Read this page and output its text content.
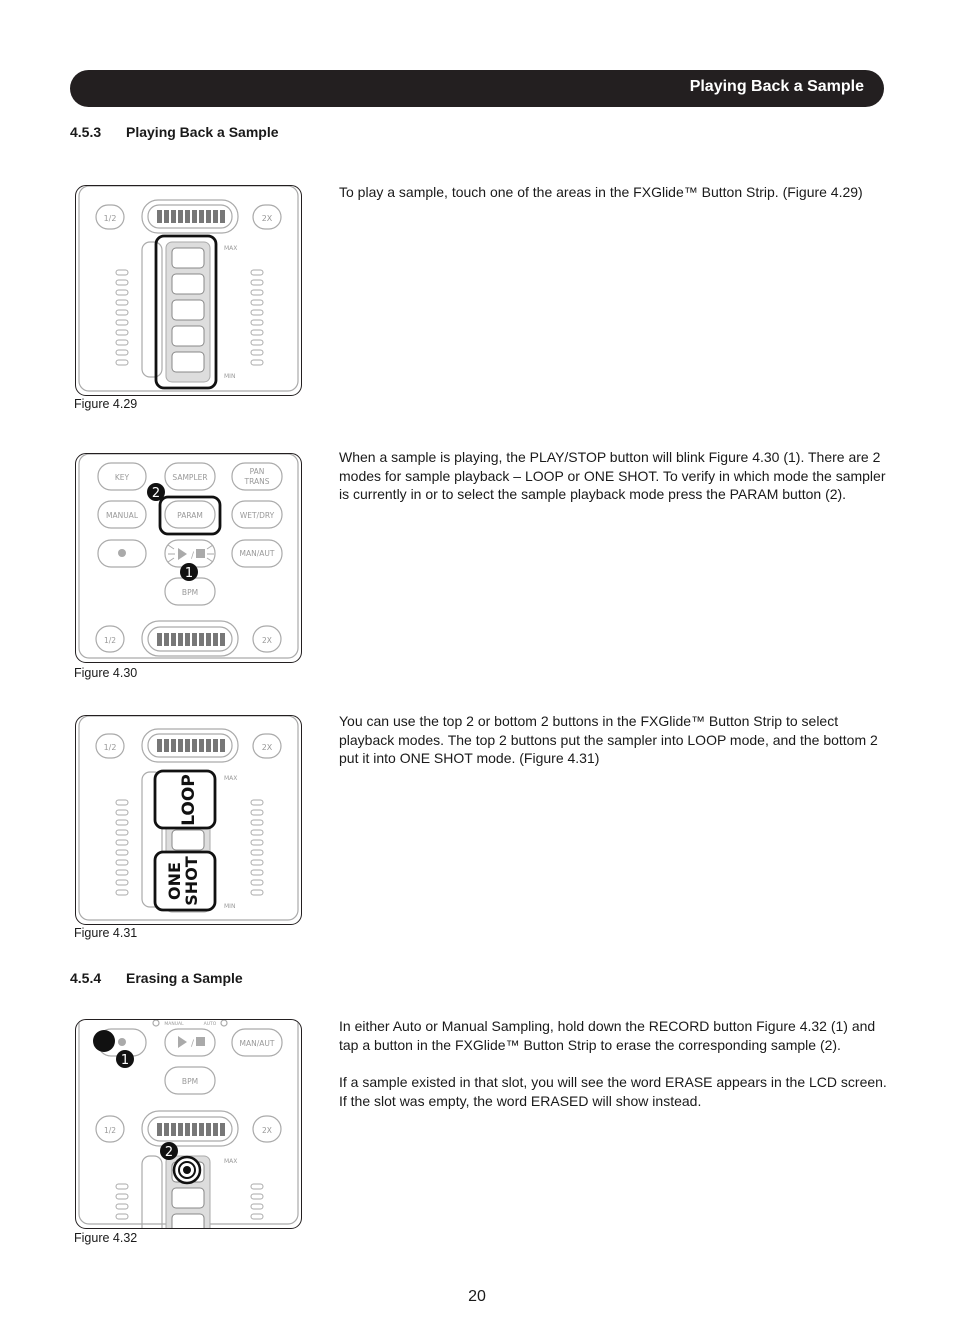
Playing Back a Sample
4.5.3 Playing Back a Sample
1/2	2X
MAX
MIN
Figure 4.29
To play a sample, touch one of the areas in the FXGlide™ Button Strip. (Figure 4.29)
KEY	SAMPLER
PAN
TRANS
MANUAL	PARAM	WET/DRY
MAN/AUT
BPM
1/2	2X
/
2
1
Figure 4.30
When a sample is playing, the PLAY/STOP button will blink Figure 4.30 (1). There are 2 modes for sample playback – LOOP or ONE SHOT. To verify in which mode the sampler is currently in or to select the sample playback mode press the PARAM button (2).
1/2	2X
MAX
MIN
LOOP
ONE
SHOT
Figure 4.31
You can use the top 2 or bottom 2 buttons in the FXGlide™ Button Strip to select playback modes. The top 2 buttons put the sampler into LOOP mode, and the bottom 2 put it into ONE SHOT mode. (Figure 4.31)
4.5.4 Erasing a Sample
MAN/AUT
BPM
1/2	2X
MANUAL	AUTO
/
MAX
1
2
Figure 4.32
In either Auto or Manual Sampling, hold down the RECORD button Figure 4.32 (1) and tap a button in the FXGlide™ Button Strip to erase the corresponding sample (2).
If a sample existed in that slot, you will see the word ERASE appears in the LCD screen. If the slot was empty, the word ERASED will show instead.
20
